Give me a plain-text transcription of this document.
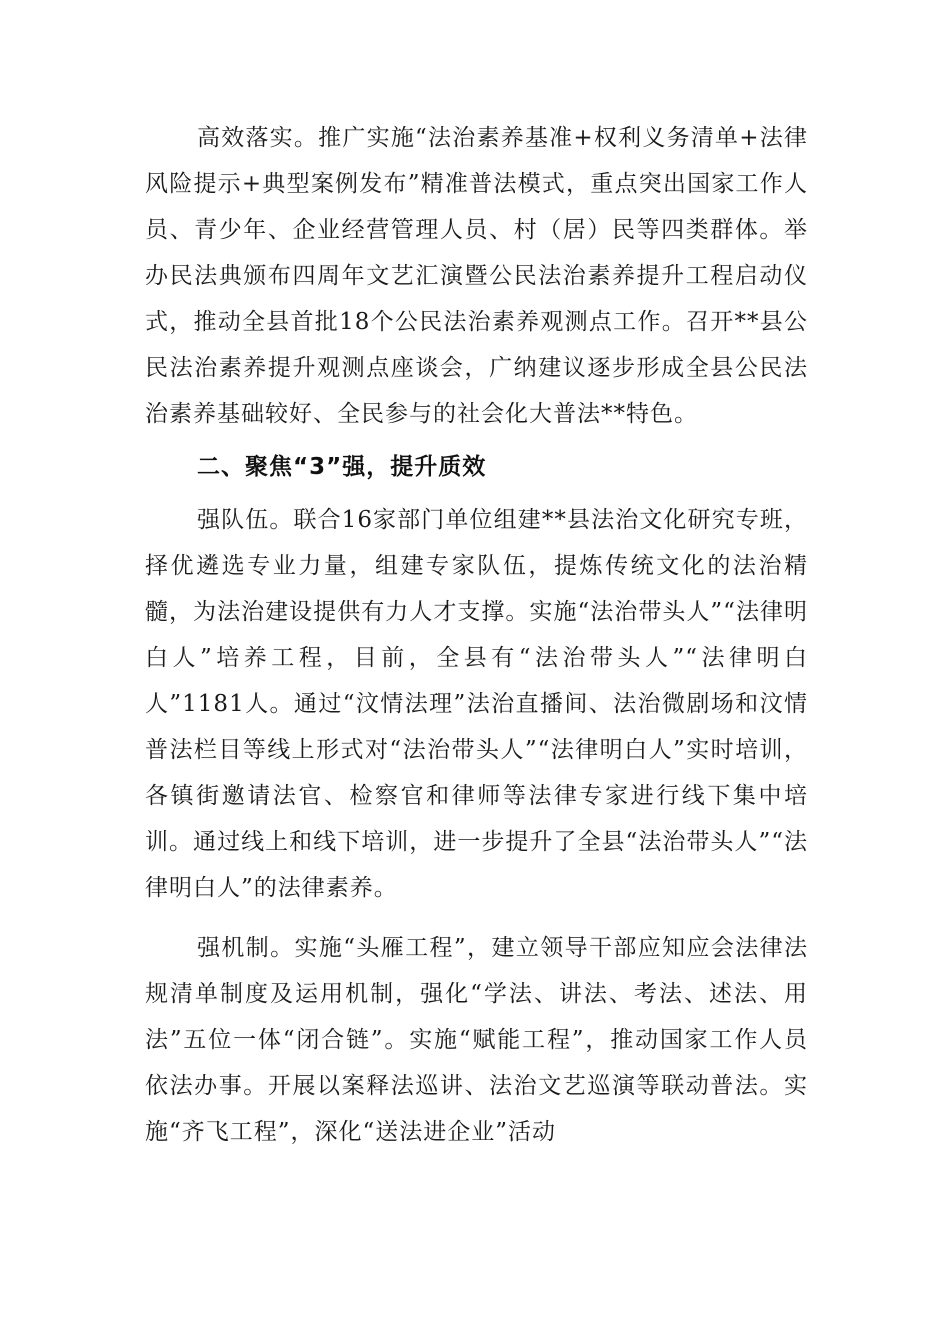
高效落实。推广实施“法治素养基准+权利义务清单+法律风险提示+典型案例发布”精准普法模式，重点突出国家工作人员、青少年、企业经营管理人员、村（居）民等四类群体。举办民法典颁布四周年文艺汇演暨公民法治素养提升工程启动仪式，推动全县首批18个公民法治素养观测点工作。召开**县公民法治素养提升观测点座谈会，广纳建议逐步形成全县公民法治素养基础较好、全民参与的社会化大普法**特色。

二、聚焦“3”强，提升质效

强队伍。联合16家部门单位组建**县法治文化研究专班，择优遴选专业力量，组建专家队伍，提炼传统文化的法治精髓，为法治建设提供有力人才支撑。实施“法治带头人”“法律明白人”培养工程，目前，全县有“法治带头人”“法律明白人”1181人。通过“汶情法理”法治直播间、法治微剧场和汶情普法栏目等线上形式对“法治带头人”“法律明白人”实时培训，各镇街邀请法官、检察官和律师等法律专家进行线下集中培训。通过线上和线下培训，进一步提升了全县“法治带头人”“法律明白人”的法律素养。

强机制。实施“头雁工程”，建立领导干部应知应会法律法规清单制度及运用机制，强化“学法、讲法、考法、述法、用法”五位一体“闭合链”。实施“赋能工程”，推动国家工作人员依法办事。开展以案释法巡讲、法治文艺巡演等联动普法。实施“齐飞工程”，深化“送法进企业”活动
